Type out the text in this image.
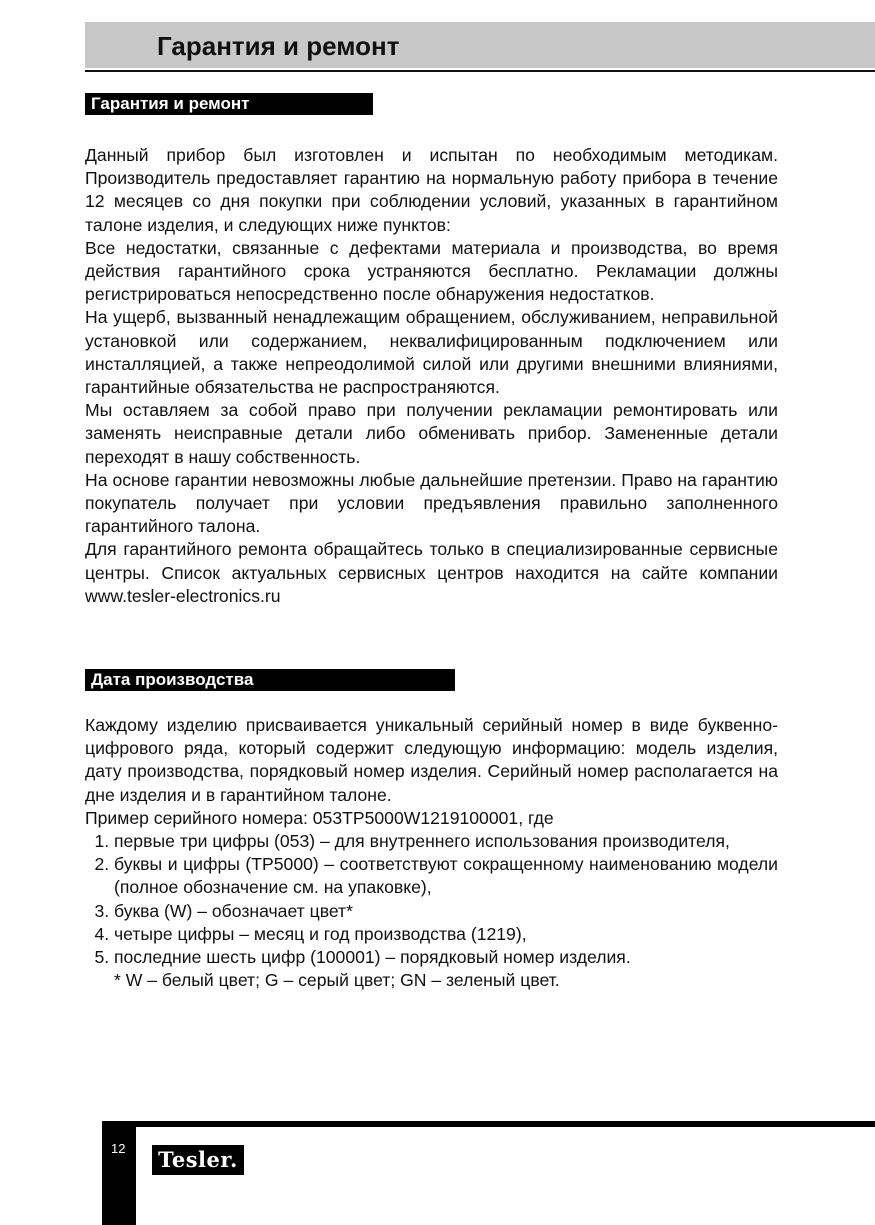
Гарантия и ремонт
Гарантия и ремонт

Данный прибор был изготовлен и испытан по необходимым методикам. Производитель предоставляет гарантию на нормальную работу прибора в течение 12 месяцев со дня покупки при соблюдении условий, указанных в гарантийном талоне изделия, и следующих ниже пунктов:

Все недостатки, связанные с дефектами материала и производства, во время действия гарантийного срока устраняются бесплатно. Рекламации должны регистрироваться непосредственно после обнаружения недостатков.

На ущерб, вызванный ненадлежащим обращением, обслуживанием, неправильной установкой или содержанием, неквалифицированным подключением или инсталляцией, а также непреодолимой силой или другими внешними влияниями, гарантийные обязательства не распространяются.

Мы оставляем за собой право при получении рекламации ремонтировать или заменять неисправные детали либо обменивать прибор. Замененные детали переходят в нашу собственность.

На основе гарантии невозможны любые дальнейшие претензии. Право на гарантию покупатель получает при условии предъявления правильно заполненного гарантийного талона.

Для гарантийного ремонта обращайтесь только в специализированные сервисные центры. Список актуальных сервисных центров находится на сайте компании www.tesler-electronics.ru

Дата производства

Каждому изделию присваивается уникальный серийный номер в виде буквенно-цифрового ряда, который содержит следующую информацию: модель изделия, дату производства, порядковый номер изделия. Серийный номер располагается на дне изделия и в гарантийном талоне.

Пример серийного номера: 053TP5000W1219100001, где

1. первые три цифры (053) – для внутреннего использования производителя,
2. буквы и цифры (TP5000) – соответствуют сокращенному наименованию модели (полное обозначение см. на упаковке),
3. буква (W) – обозначает цвет*
4. четыре цифры – месяц и год производства (1219),
5. последние шесть цифр (100001) – порядковый номер изделия.

* W – белый цвет; G – серый цвет; GN – зеленый цвет.

12 Tesler.
